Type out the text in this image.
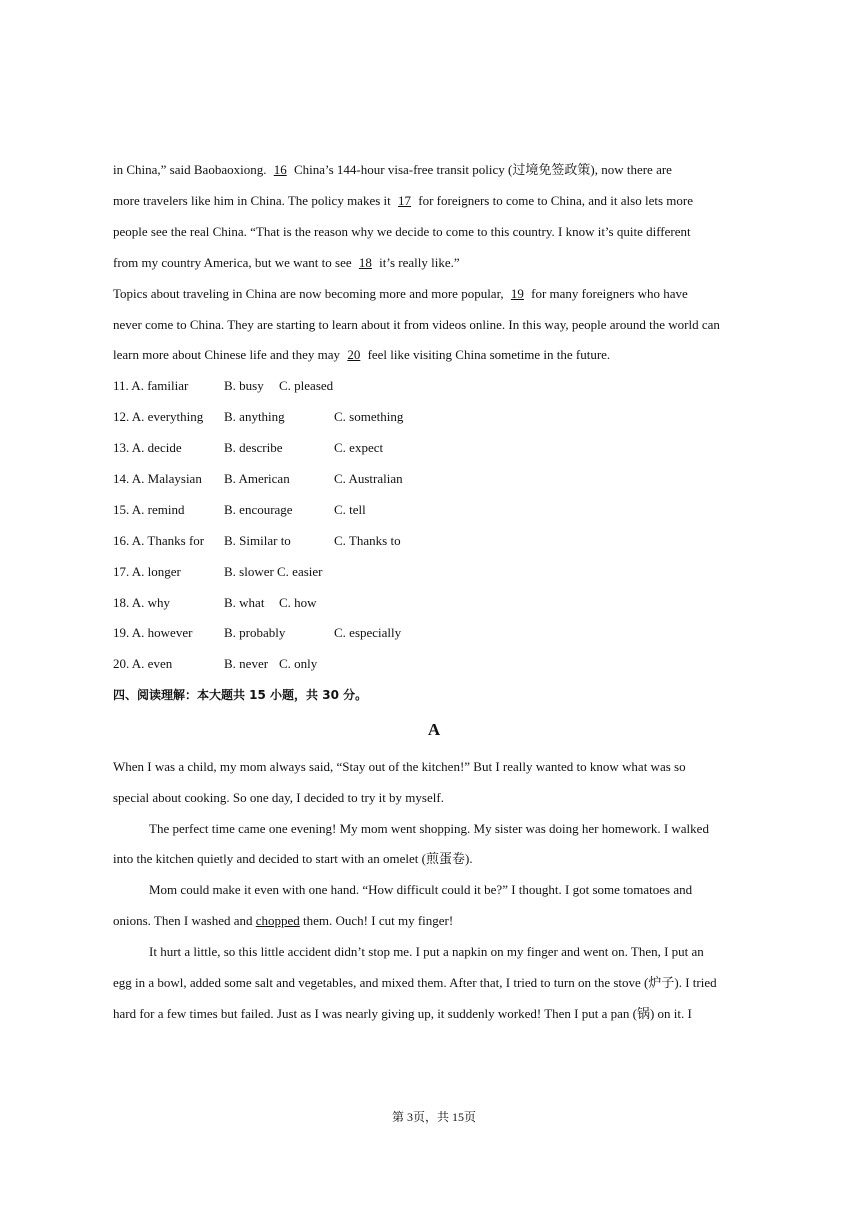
in China,” said Baobaoxiong. 16 China’s 144-hour visa-free transit policy (过境免签政策), now there are
more travelers like him in China. The policy makes it 17 for foreigners to come to China, and it also lets more
people see the real China. “That is the reason why we decide to come to this country. I know it’s quite different
from my country America, but we want to see 18 it’s really like.”
Topics about traveling in China are now becoming more and more popular, 19 for many foreigners who have
never come to China. They are starting to learn about it from videos online. In this way, people around the world can
learn more about Chinese life and they may 20 feel like visiting China sometime in the future.
11. A. familiar	B. busy C. pleased
12. A. everything B. anything	C. something
13. A. decide	B. describe	C. expect
14. A. Malaysian B. American	C. Australian
15. A. remind	B. encourage	C. tell
16. A. Thanks for B. Similar to	C. Thanks to
17. A. longer	B. slower C. easier
18. A. why	B. what C. how
19. A. however B. probably	C. especially
20. A. even	B. never C. only
四、阅读理解：本大题共 15 小题，共 30 分。
A
When I was a child, my mom always said, “Stay out of the kitchen!” But I really wanted to know what was so
special about cooking. So one day, I decided to try it by myself.
The perfect time came one evening! My mom went shopping. My sister was doing her homework. I walked
into the kitchen quietly and decided to start with an omelet (煎蛋卷).
Mom could make it even with one hand. “How difficult could it be?” I thought. I got some tomatoes and
onions. Then I washed and chopped them. Ouch! I cut my finger!
It hurt a little, so this little accident didn’t stop me. I put a napkin on my finger and went on. Then, I put an
egg in a bowl, added some salt and vegetables, and mixed them. After that, I tried to turn on the stove (炉子). I tried
hard for a few times but failed. Just as I was nearly giving up, it suddenly worked! Then I put a pan (锅) on it. I
第 3页，共 15页
